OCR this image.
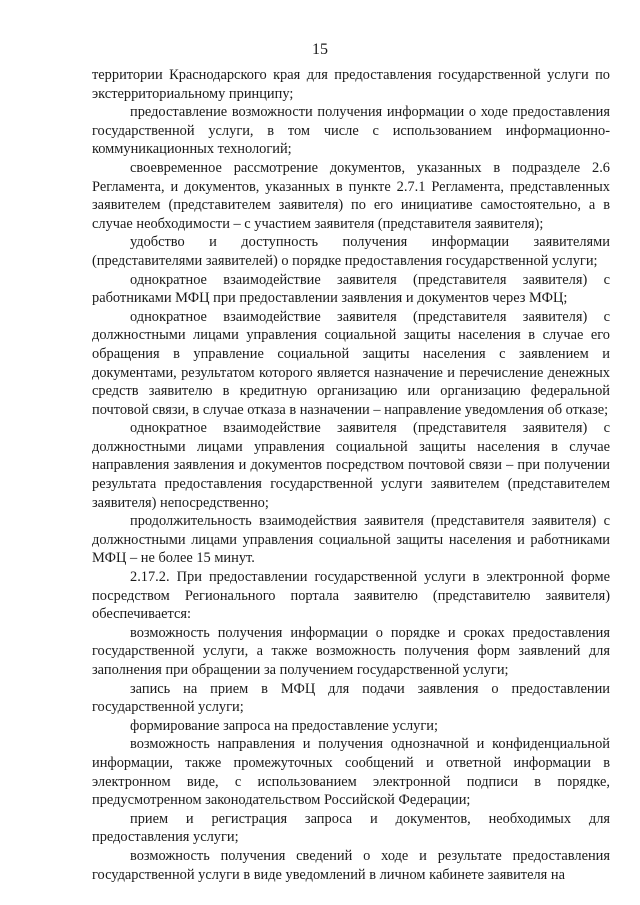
15

территории Краснодарского края для предоставления государственной услуги по экстерриториальному принципу;

предоставление возможности получения информации о ходе предоставления государственной услуги, в том числе с использованием информационно-коммуникационных технологий;

своевременное рассмотрение документов, указанных в подразделе 2.6 Регламента, и документов, указанных в пункте 2.7.1 Регламента, представленных заявителем (представителем заявителя) по его инициативе самостоятельно, а в случае необходимости – с участием заявителя (представителя заявителя);

удобство и доступность получения информации заявителями (представителями заявителей) о порядке предоставления государственной услуги;

однократное взаимодействие заявителя (представителя заявителя) с работниками МФЦ при предоставлении заявления и документов через МФЦ;

однократное взаимодействие заявителя (представителя заявителя) с должностными лицами управления социальной защиты населения в случае его обращения в управление социальной защиты населения с заявлением и документами, результатом которого является назначение и перечисление денежных средств заявителю в кредитную организацию или организацию федеральной почтовой связи, в случае отказа в назначении – направление уведомления об отказе;

однократное взаимодействие заявителя (представителя заявителя) с должностными лицами управления социальной защиты населения в случае направления заявления и документов посредством почтовой связи – при получении результата предоставления государственной услуги заявителем (представителем заявителя) непосредственно;

продолжительность взаимодействия заявителя (представителя заявителя) с должностными лицами управления социальной защиты населения и работниками МФЦ – не более 15 минут.

2.17.2. При предоставлении государственной услуги в электронной форме посредством Регионального портала заявителю (представителю заявителя) обеспечивается:

возможность получения информации о порядке и сроках предоставления государственной услуги, а также возможность получения форм заявлений для заполнения при обращении за получением государственной услуги;

запись на прием в МФЦ для подачи заявления о предоставлении государственной услуги;

формирование запроса на предоставление услуги;

возможность направления и получения однозначной и конфиденциальной информации, также промежуточных сообщений и ответной информации в электронном виде, с использованием электронной подписи в порядке, предусмотренном законодательством Российской Федерации;

прием и регистрация запроса и документов, необходимых для предоставления услуги;

возможность получения сведений о ходе и результате предоставления государственной услуги в виде уведомлений в личном кабинете заявителя на
